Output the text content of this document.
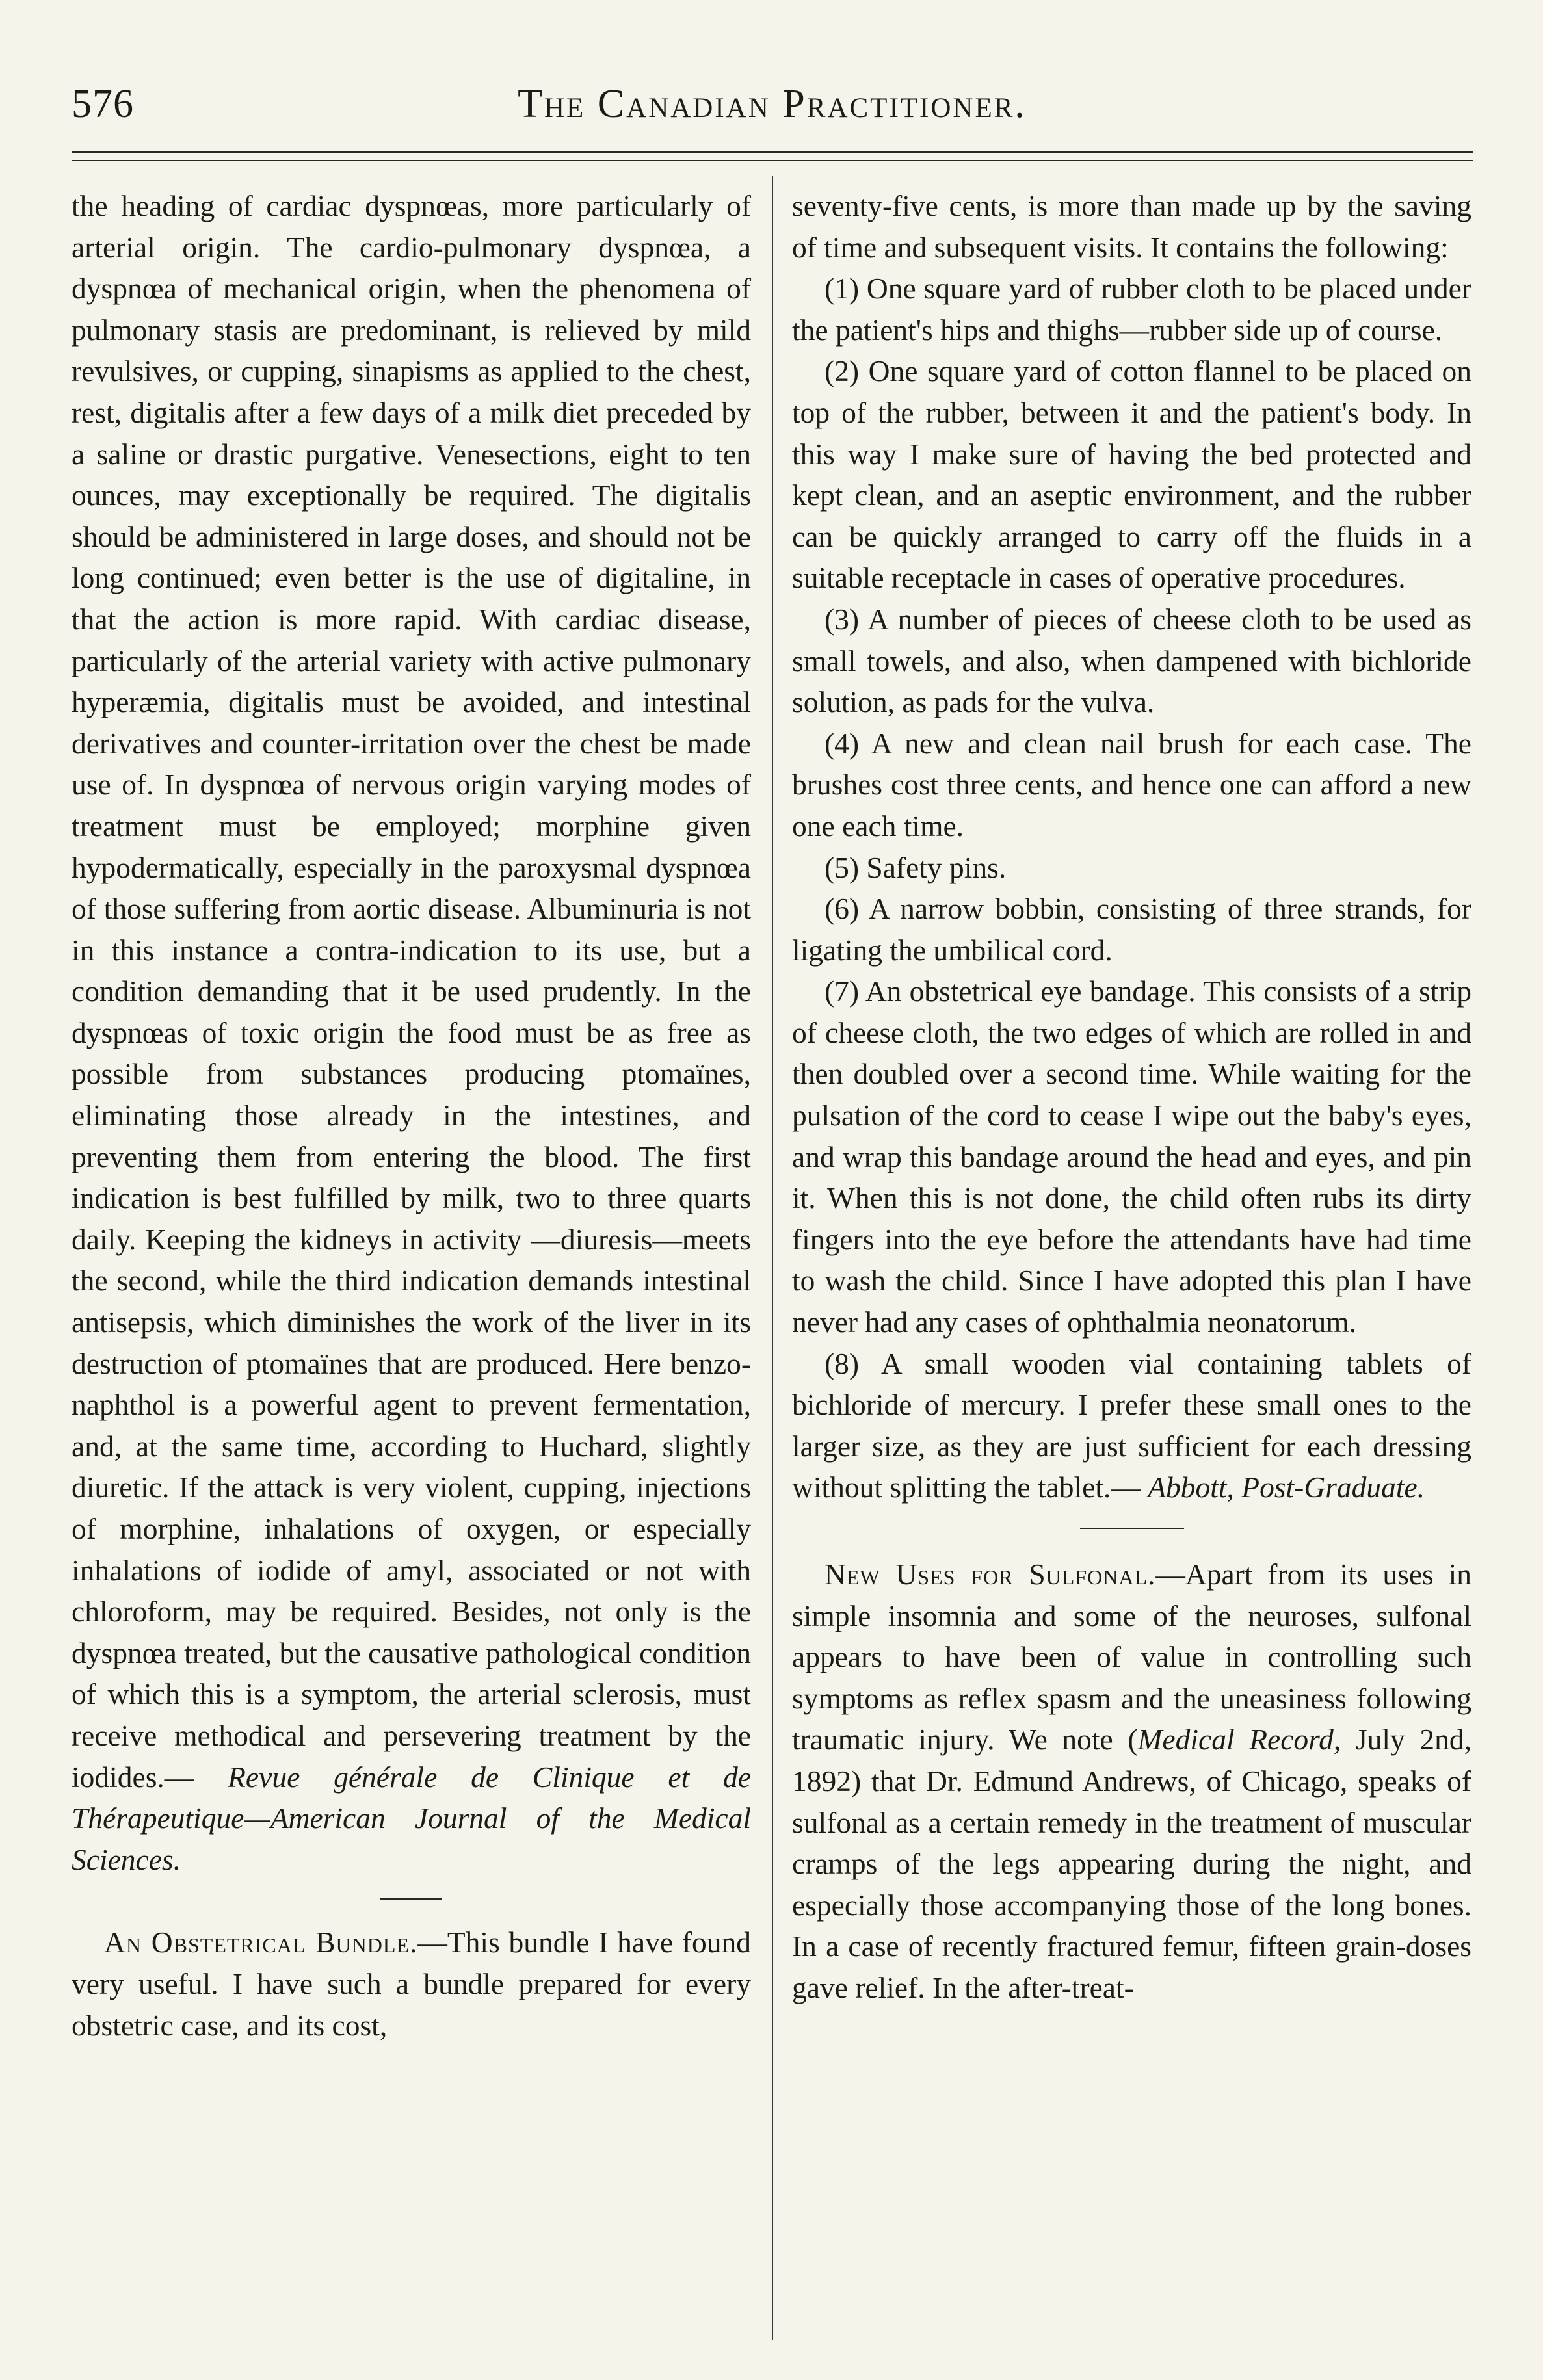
576	The Canadian Practitioner.

the heading of cardiac dyspnœas, more particularly of arterial origin. The cardio-pulmonary dyspnœa, a dyspnœa of mechanical origin, when the phenomena of pulmonary stasis are predominant, is relieved by mild revulsives, or cupping, sinapisms as applied to the chest, rest, digitalis after a few days of a milk diet preceded by a saline or drastic purgative. Venesections, eight to ten ounces, may exceptionally be required. The digitalis should be administered in large doses, and should not be long continued; even better is the use of digitaline, in that the action is more rapid. With cardiac disease, particularly of the arterial variety with active pulmonary hyperæmia, digitalis must be avoided, and intestinal derivatives and counter-irritation over the chest be made use of. In dyspnœa of nervous origin varying modes of treatment must be employed; morphine given hypodermatically, especially in the paroxysmal dyspnœa of those suffering from aortic disease. Albuminuria is not in this instance a contra-indication to its use, but a condition demanding that it be used prudently. In the dyspnœas of toxic origin the food must be as free as possible from substances producing ptomaïnes, eliminating those already in the intestines, and preventing them from entering the blood. The first indication is best fulfilled by milk, two to three quarts daily. Keeping the kidneys in activity —diuresis—meets the second, while the third indication demands intestinal antisepsis, which diminishes the work of the liver in its destruction of ptomaïnes that are produced. Here benzo-naphthol is a powerful agent to prevent fermentation, and, at the same time, according to Huchard, slightly diuretic. If the attack is very violent, cupping, injections of morphine, inhalations of oxygen, or especially inhalations of iodide of amyl, associated or not with chloroform, may be required. Besides, not only is the dyspnœa treated, but the causative pathological condition of which this is a symptom, the arterial sclerosis, must receive methodical and persevering treatment by the iodides.— Revue générale de Clinique et de Thérapeutique—American Journal of the Medical Sciences.

An Obstetrical Bundle.—This bundle I have found very useful. I have such a bundle prepared for every obstetric case, and its cost,

seventy-five cents, is more than made up by the saving of time and subsequent visits. It contains the following:

(1) One square yard of rubber cloth to be placed under the patient's hips and thighs—rubber side up of course.

(2) One square yard of cotton flannel to be placed on top of the rubber, between it and the patient's body. In this way I make sure of having the bed protected and kept clean, and an aseptic environment, and the rubber can be quickly arranged to carry off the fluids in a suitable receptacle in cases of operative procedures.

(3) A number of pieces of cheese cloth to be used as small towels, and also, when dampened with bichloride solution, as pads for the vulva.

(4) A new and clean nail brush for each case. The brushes cost three cents, and hence one can afford a new one each time.

(5) Safety pins.

(6) A narrow bobbin, consisting of three strands, for ligating the umbilical cord.

(7) An obstetrical eye bandage. This consists of a strip of cheese cloth, the two edges of which are rolled in and then doubled over a second time. While waiting for the pulsation of the cord to cease I wipe out the baby's eyes, and wrap this bandage around the head and eyes, and pin it. When this is not done, the child often rubs its dirty fingers into the eye before the attendants have had time to wash the child. Since I have adopted this plan I have never had any cases of ophthalmia neonatorum.

(8) A small wooden vial containing tablets of bichloride of mercury. I prefer these small ones to the larger size, as they are just sufficient for each dressing without splitting the tablet.— Abbott, Post-Graduate.

New Uses for Sulfonal.—Apart from its uses in simple insomnia and some of the neuroses, sulfonal appears to have been of value in controlling such symptoms as reflex spasm and the uneasiness following traumatic injury. We note (Medical Record, July 2nd, 1892) that Dr. Edmund Andrews, of Chicago, speaks of sulfonal as a certain remedy in the treatment of muscular cramps of the legs appearing during the night, and especially those accompanying those of the long bones. In a case of recently fractured femur, fifteen grain-doses gave relief. In the after-treat-
